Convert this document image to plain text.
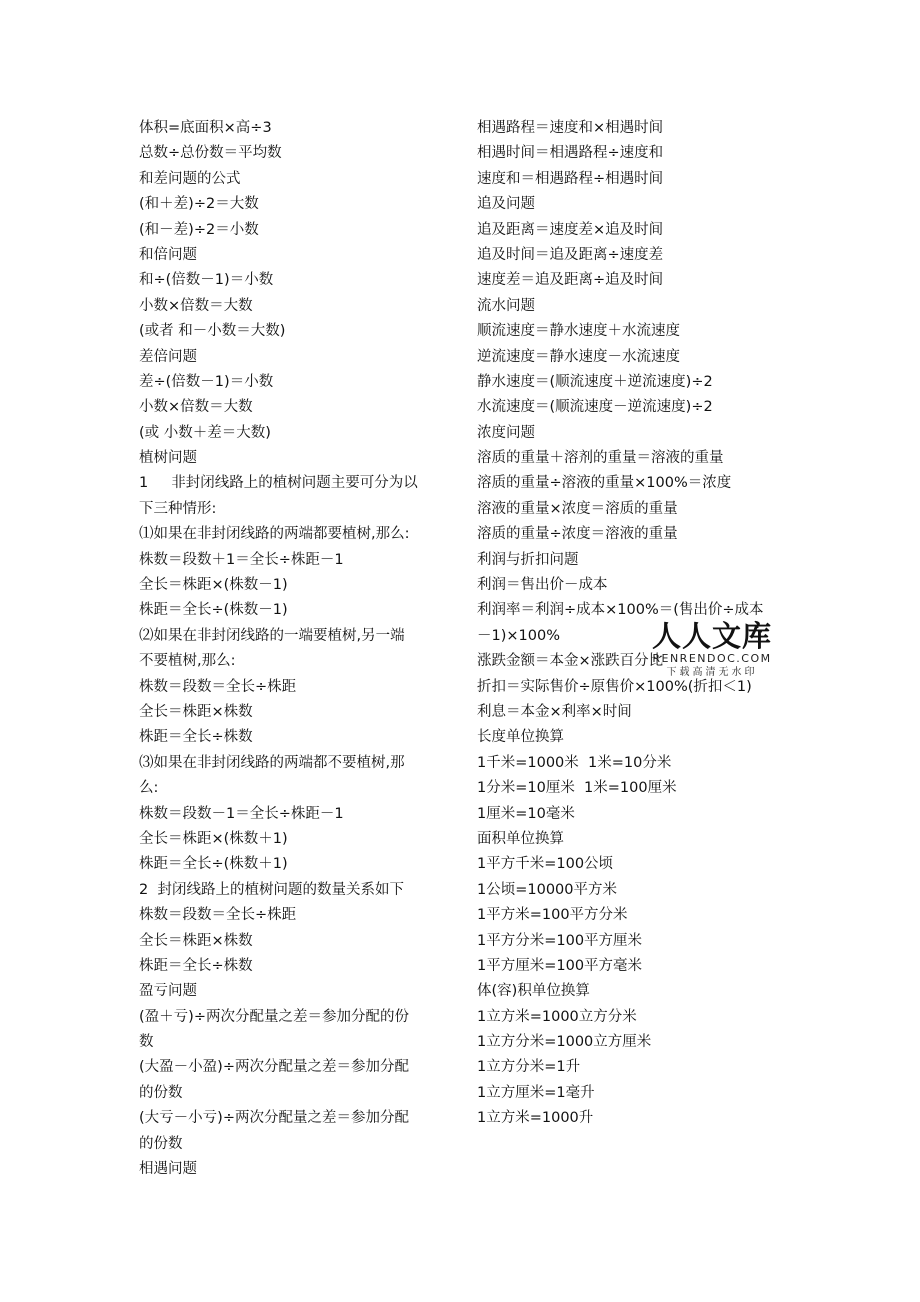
体积=底面积×高÷3
总数÷总份数＝平均数
和差问题的公式
(和＋差)÷2＝大数
(和－差)÷2＝小数
和倍问题
和÷(倍数－1)＝小数
小数×倍数＝大数
(或者 和－小数＝大数)
差倍问题
差÷(倍数－1)＝小数
小数×倍数＝大数
(或 小数＋差＝大数)
植树问题
1     非封闭线路上的植树问题主要可分为以
下三种情形:
⑴如果在非封闭线路的两端都要植树,那么:
株数＝段数＋1＝全长÷株距－1
全长＝株距×(株数－1)
株距＝全长÷(株数－1)
⑵如果在非封闭线路的一端要植树,另一端
不要植树,那么:
株数＝段数＝全长÷株距
全长＝株距×株数
株距＝全长÷株数
⑶如果在非封闭线路的两端都不要植树,那
么:
株数＝段数－1＝全长÷株距－1
全长＝株距×(株数＋1)
株距＝全长÷(株数＋1)
2  封闭线路上的植树问题的数量关系如下
株数＝段数＝全长÷株距
全长＝株距×株数
株距＝全长÷株数
盈亏问题
(盈＋亏)÷两次分配量之差＝参加分配的份
数
(大盈－小盈)÷两次分配量之差＝参加分配
的份数
(大亏－小亏)÷两次分配量之差＝参加分配
的份数
相遇问题
相遇路程＝速度和×相遇时间
相遇时间＝相遇路程÷速度和
速度和＝相遇路程÷相遇时间
追及问题
追及距离＝速度差×追及时间
追及时间＝追及距离÷速度差
速度差＝追及距离÷追及时间
流水问题
顺流速度＝静水速度＋水流速度
逆流速度＝静水速度－水流速度
静水速度＝(顺流速度＋逆流速度)÷2
水流速度＝(顺流速度－逆流速度)÷2
浓度问题
溶质的重量＋溶剂的重量＝溶液的重量
溶质的重量÷溶液的重量×100%＝浓度
溶液的重量×浓度＝溶质的重量
溶质的重量÷浓度＝溶液的重量
利润与折扣问题
利润＝售出价－成本
利润率＝利润÷成本×100%＝(售出价÷成本
－1)×100%
涨跌金额＝本金×涨跌百分比
折扣＝实际售价÷原售价×100%(折扣＜1)
利息＝本金×利率×时间
长度单位换算
1千米=1000米  1米=10分米
1分米=10厘米  1米=100厘米
1厘米=10毫米
面积单位换算
1平方千米=100公顷
1公顷=10000平方米
1平方米=100平方分米
1平方分米=100平方厘米
1平方厘米=100平方毫米
体(容)积单位换算
1立方米=1000立方分米
1立方分米=1000立方厘米
1立方分米=1升
1立方厘米=1毫升
1立方米=1000升
人人文库
RENRENDOC.COM
下载高清无水印
